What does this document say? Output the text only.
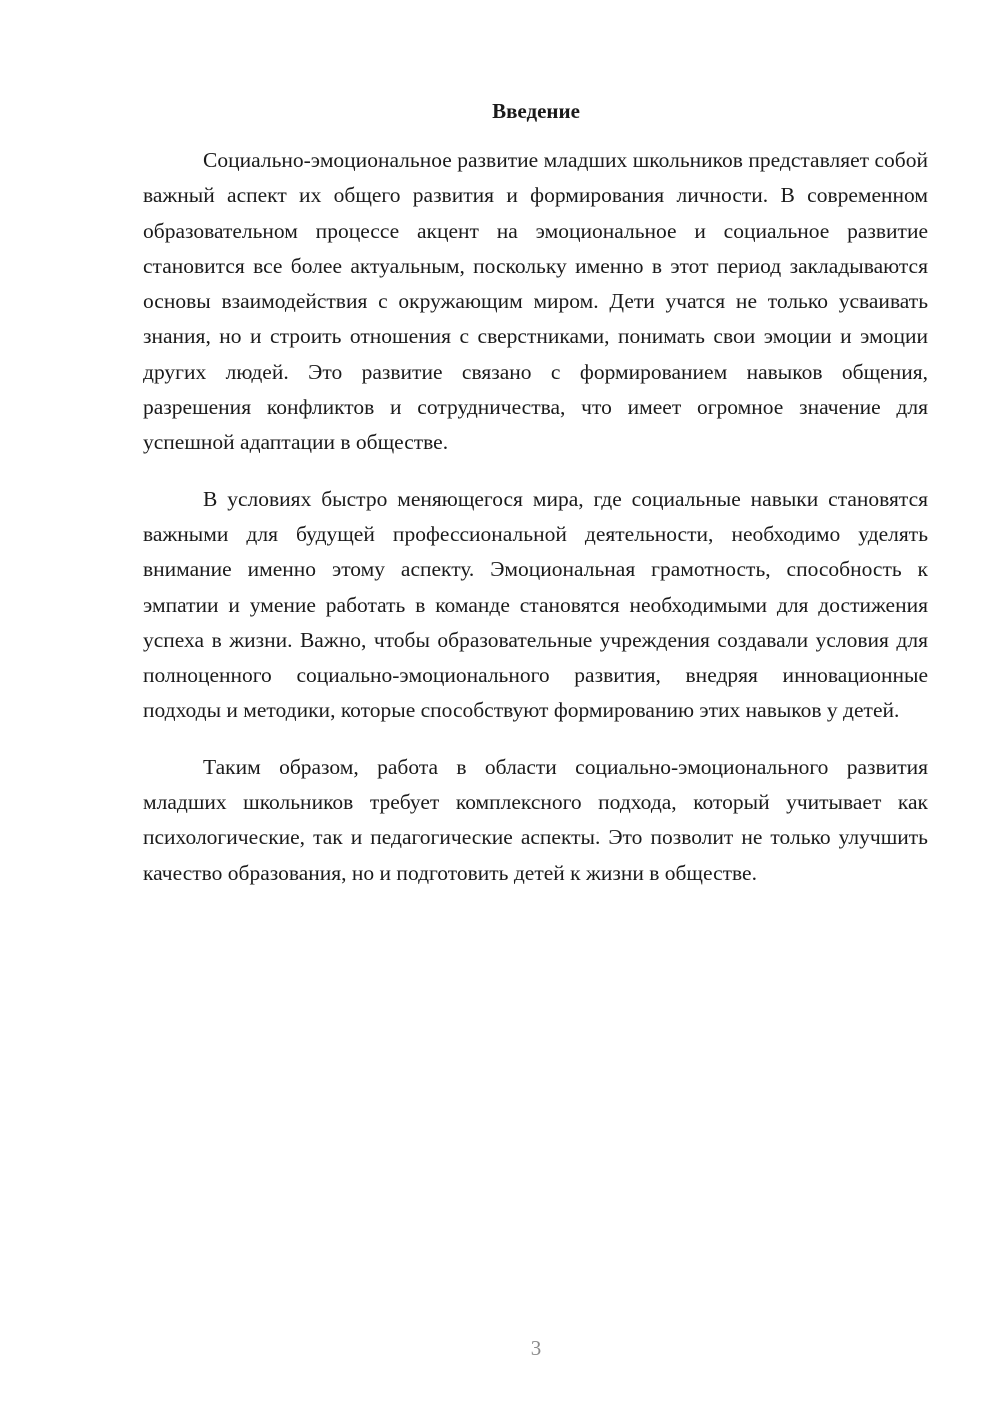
Введение

Социально-эмоциональное развитие младших школьников представляет собой важный аспект их общего развития и формирования личности. В современном образовательном процессе акцент на эмоциональное и социальное развитие становится все более актуальным, поскольку именно в этот период закладываются основы взаимодействия с окружающим миром. Дети учатся не только усваивать знания, но и строить отношения с сверстниками, понимать свои эмоции и эмоции других людей. Это развитие связано с формированием навыков общения, разрешения конфликтов и сотрудничества, что имеет огромное значение для успешной адаптации в обществе.

В условиях быстро меняющегося мира, где социальные навыки становятся важными для будущей профессиональной деятельности, необходимо уделять внимание именно этому аспекту. Эмоциональная грамотность, способность к эмпатии и умение работать в команде становятся необходимыми для достижения успеха в жизни. Важно, чтобы образовательные учреждения создавали условия для полноценного социально-эмоционального развития, внедряя инновационные подходы и методики, которые способствуют формированию этих навыков у детей.

Таким образом, работа в области социально-эмоционального развития младших школьников требует комплексного подхода, который учитывает как психологические, так и педагогические аспекты. Это позволит не только улучшить качество образования, но и подготовить детей к жизни в обществе.

3
